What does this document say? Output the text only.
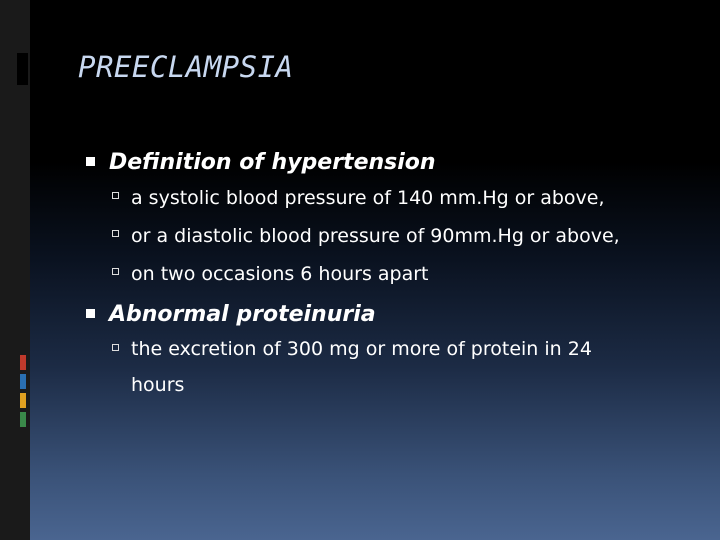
PREECLAMPSIA
Definition of hypertension
a systolic blood pressure of 140 mm.Hg or above,
or a diastolic blood pressure of 90mm.Hg or above,
on two occasions 6 hours apart
Abnormal proteinuria
the excretion of 300 mg or more of protein in 24 hours
